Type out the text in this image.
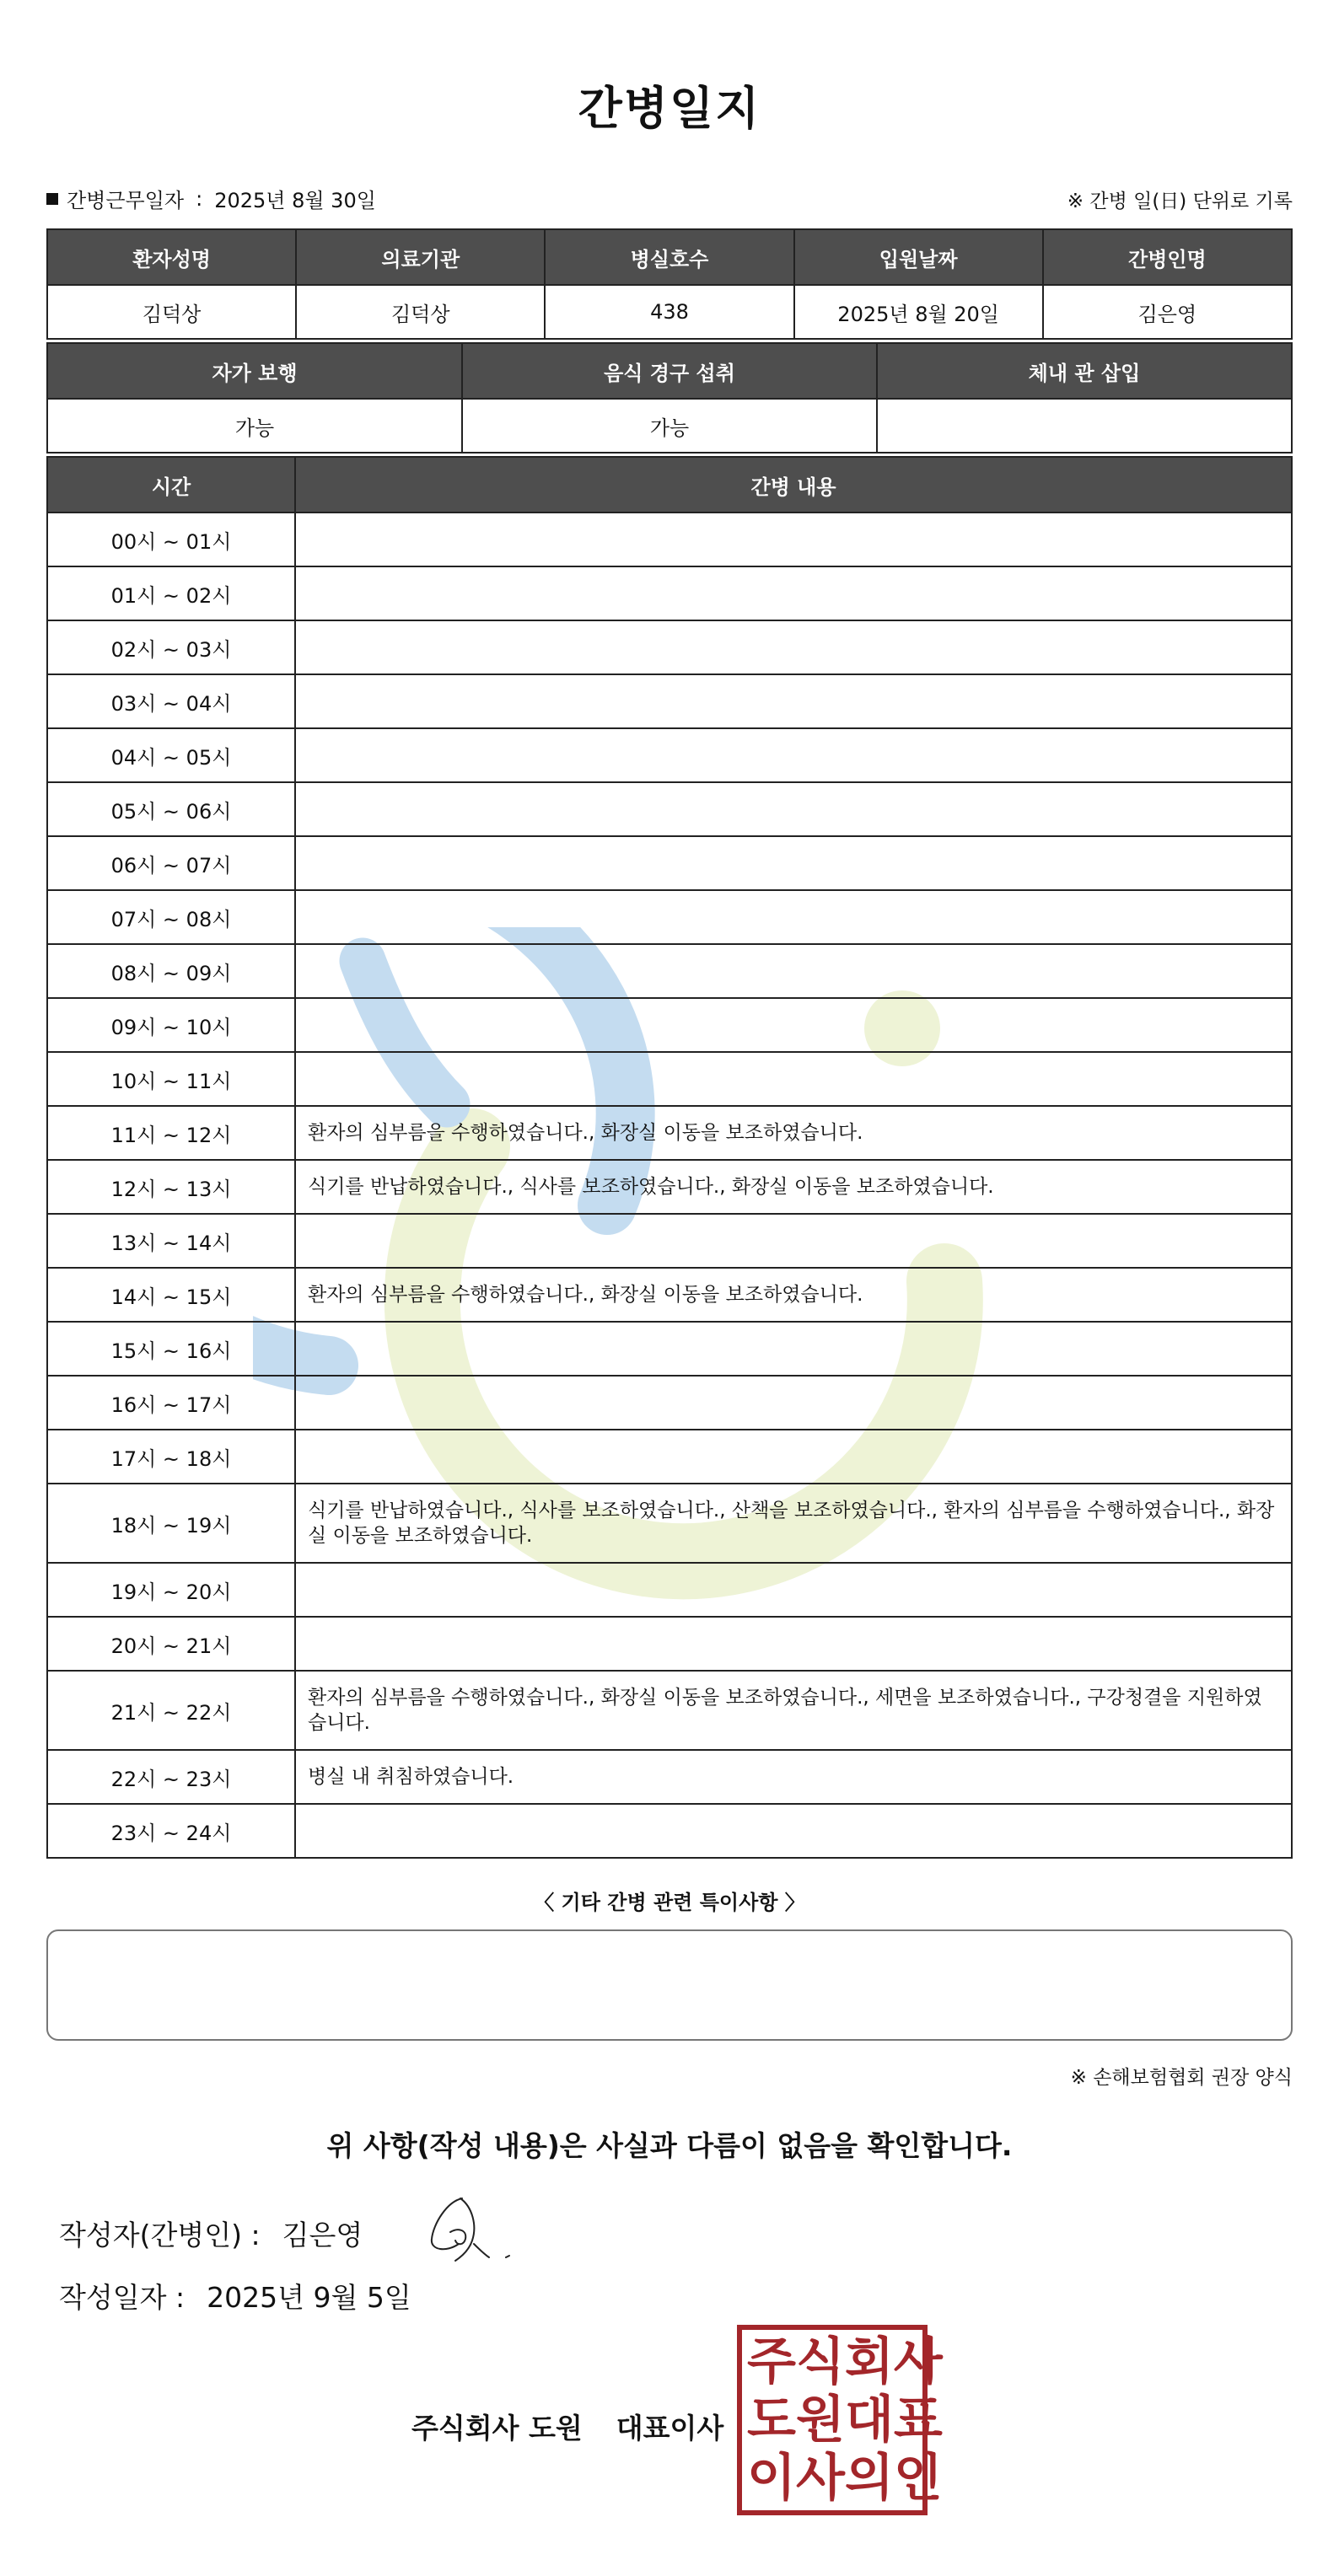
간병일지
간병근무일자 : 2025년 8월 30일	※ 간병 일(日) 단위로 기록
환자성명	의료기관	병실호수	입원날짜	간병인명
김덕상	김덕상	438	2025년 8월 20일	김은영
자가 보행	음식 경구 섭취	체내 관 삽입
가능	가능	
시간	간병 내용
00시 ~ 01시	
01시 ~ 02시	
02시 ~ 03시	
03시 ~ 04시	
04시 ~ 05시	
05시 ~ 06시	
06시 ~ 07시	
07시 ~ 08시	
08시 ~ 09시	
09시 ~ 10시	
10시 ~ 11시	
11시 ~ 12시	환자의 심부름을 수행하였습니다., 화장실 이동을 보조하였습니다.
12시 ~ 13시	식기를 반납하였습니다., 식사를 보조하였습니다., 화장실 이동을 보조하였습니다.
13시 ~ 14시	
14시 ~ 15시	환자의 심부름을 수행하였습니다., 화장실 이동을 보조하였습니다.
15시 ~ 16시	
16시 ~ 17시	
17시 ~ 18시	
18시 ~ 19시	식기를 반납하였습니다., 식사를 보조하였습니다., 산책을 보조하였습니다., 환자의 심부름을 수행하였습니다., 화장실 이동을 보조하였습니다.
19시 ~ 20시	
20시 ~ 21시	
21시 ~ 22시	환자의 심부름을 수행하였습니다., 화장실 이동을 보조하였습니다., 세면을 보조하였습니다., 구강청결을 지원하였습니다.
22시 ~ 23시	병실 내 취침하였습니다.
23시 ~ 24시	
〈 기타 간병 관련 특이사항 〉
※ 손해보험협회 권장 양식
위 사항(작성 내용)은 사실과 다름이 없음을 확인합니다.
작성자(간병인) : 김은영
작성일자 : 2025년 9월 5일
주식회사 도원 대표이사
주 식 회 사
도 원 대 표
이 사 의 인
